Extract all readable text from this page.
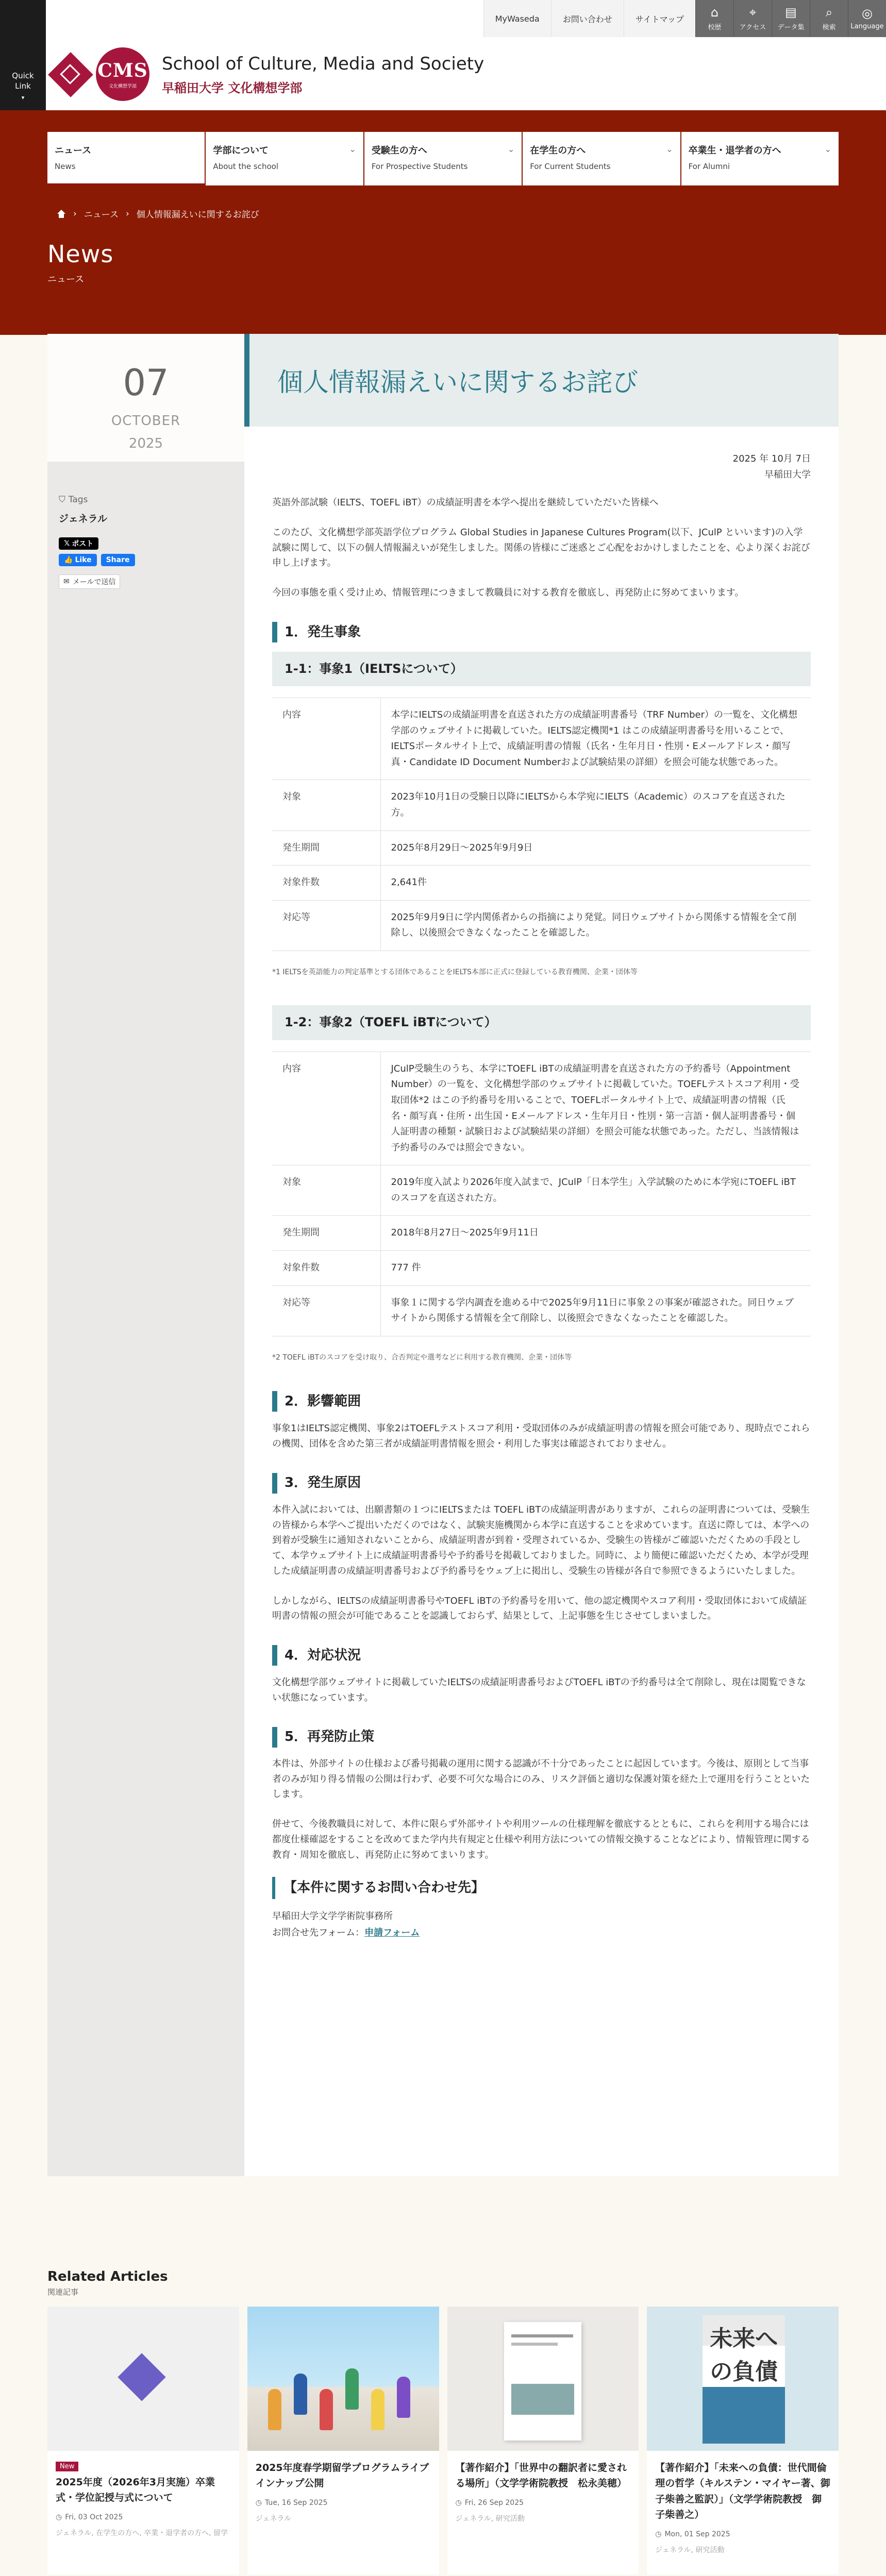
MyWaseda	お問い合わせ	サイトマップ	⌂
校歴
⌖
アクセス
▤
データ集
⌕
検索
◎
Language
CMS
文化構想学部
School of Culture, Media and Society
早稲田大学 文化構想学部
Quick
Link
▾
ニュース
News
学部について
About the school
⌄ 受験生の方へ
For Prospective Students
⌄ 在学生の方へ
For Current Students
⌄ 卒業生・退学者の方へ
For Alumni
⌄
› ニュース › 個人情報漏えいに関するお詫び
News
ニュース
07
OCTOBER
2025
⛉ Tags
ジェネラル
𝕏 ポスト
👍 Like	Share
✉ メールで送信
個人情報漏えいに関するお詫び
2025 年 10月 7日
早稲田大学

英語外部試験（IELTS、TOEFL iBT）の成績証明書を本学へ提出を継続していただいた皆様へ

このたび、文化構想学部英語学位プログラム Global Studies in Japanese Cultures Program(以下、JCulP といいます)の入学試験に関して、以下の個人情報漏えいが発生しました。関係の皆様にご迷惑とご心配をおかけしましたことを、心より深くお詫び申し上げます。

今回の事態を重く受け止め、情報管理につきまして教職員に対する教育を徹底し、再発防止に努めてまいります。

1．発生事象
1-1：事象1（IELTSについて）
内容	本学にIELTSの成績証明書を直送された方の成績証明書番号（TRF Number）の一覧を、文化構想学部のウェブサイトに掲載していた。IELTS認定機関*1 はこの成績証明書番号を用いることで、IELTSポータルサイト上で、成績証明書の情報（氏名・生年月日・性別・Eメールアドレス・顔写真・Candidate ID Document Numberおよび試験結果の詳細）を照会可能な状態であった。
対象	2023年10月1日の受験日以降にIELTSから本学宛にIELTS（Academic）のスコアを直送された方。
発生期間	2025年8月29日～2025年9月9日
対象件数	2,641件
対応等	2025年9月9日に学内関係者からの指摘により発覚。同日ウェブサイトから関係する情報を全て削除し、以後照会できなくなったことを確認した。
*1 IELTSを英語能力の判定基準とする団体であることをIELTS本部に正式に登録している教育機関、企業・団体等
1-2：事象2（TOEFL iBTについて）
内容	JCulP受験生のうち、本学にTOEFL iBTの成績証明書を直送された方の予約番号（Appointment Number）の一覧を、文化構想学部のウェブサイトに掲載していた。TOEFLテストスコア利用・受取団体*2 はこの予約番号を用いることで、TOEFLポータルサイト上で、成績証明書の情報（氏名・顔写真・住所・出生国・Eメールアドレス・生年月日・性別・第一言語・個人証明書番号・個人証明書の種類・試験日および試験結果の詳細）を照会可能な状態であった。ただし、当該情報は予約番号のみでは照会できない。
対象	2019年度入試より2026年度入試まで、JCulP「日本学生」入学試験のために本学宛にTOEFL iBTのスコアを直送された方。
発生期間	2018年8月27日～2025年9月11日
対象件数	777 件
対応等	事象１に関する学内調査を進める中で2025年9月11日に事象２の事案が確認された。同日ウェブサイトから関係する情報を全て削除し、以後照会できなくなったことを確認した。
*2 TOEFL iBTのスコアを受け取り、合否判定や選考などに利用する教育機関、企業・団体等
2．影響範囲

事象1はIELTS認定機関、事象2はTOEFLテストスコア利用・受取団体のみが成績証明書の情報を照会可能であり、現時点でこれらの機関、団体を含めた第三者が成績証明書情報を照会・利用した事実は確認されておりません。

3．発生原因

本件入試においては、出願書類の１つにIELTSまたは TOEFL iBTの成績証明書がありますが、これらの証明書については、受験生の皆様から本学へご提出いただくのではなく、試験実施機関から本学に直送することを求めています。直送に際しては、本学への到着が受験生に通知されないことから、成績証明書が到着・受理されているか、受験生の皆様がご確認いただくための手段として、本学ウェブサイト上に成績証明書番号や予約番号を掲載しておりました。同時に、より簡便に確認いただくため、本学が受理した成績証明書の成績証明書番号および予約番号をウェブ上に掲出し、受験生の皆様が各自で参照できるようにいたしました。

しかしながら、IELTSの成績証明書番号やTOEFL iBTの予約番号を用いて、他の認定機関やスコア利用・受取団体において成績証明書の情報の照会が可能であることを認識しておらず、結果として、上記事態を生じさせてしまいました。

4．対応状況

文化構想学部ウェブサイトに掲載していたIELTSの成績証明書番号およびTOEFL iBTの予約番号は全て削除し、現在は閲覧できない状態になっています。

5．再発防止策

本件は、外部サイトの仕様および番号掲載の運用に関する認識が不十分であったことに起因しています。今後は、原則として当事者のみが知り得る情報の公開は行わず、必要不可欠な場合にのみ、リスク評価と適切な保護対策を経た上で運用を行うことといたします。

併せて、今後教職員に対して、本件に限らず外部サイトや利用ツールの仕様理解を徹底するとともに、これらを利用する場合には都度仕様確認をすることを改めてまた学内共有規定と仕様や利用方法についての情報交換することなどにより、情報管理に関する教育・周知を徹底し、再発防止に努めてまいります。

【本件に関するお問い合わせ先】
早稲田大学文学学術院事務所
お問合せ先フォーム：申請フォーム
Related Articles
関連記事
New
2025年度（2026年3月実施）卒業式・学位記授与式について
◷ Fri, 03 Oct 2025
ジェネラル, 在学生の方へ, 卒業・退学者の方へ, 留学
2025年度春学期留学プログラムライブインナップ公開
◷ Tue, 16 Sep 2025
ジェネラル
【著作紹介】「世界中の翻訳者に愛される場所」（文学学術院教授　松永美穂）
◷ Fri, 26 Sep 2025
ジェネラル, 研究活動
未来への負債
【著作紹介】「未来への負債：世代間倫理の哲学（キルステン・マイヤー著、御子柴善之監訳）」（文学学術院教授　御子柴善之）
◷ Mon, 01 Sep 2025
ジェネラル, 研究活動
